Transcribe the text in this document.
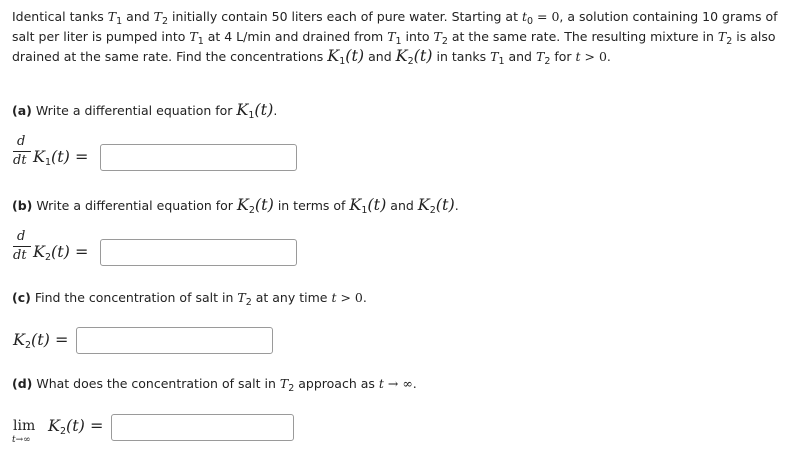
Identical tanks $T_1$ and $T_2$ initially contain 50 liters each of pure water. Starting at $t_0 = 0$, a solution containing 10 grams of salt per liter is pumped into $T_1$ at 4 L/min and drained from $T_1$ into $T_2$ at the same rate. The resulting mixture in $T_2$ is also drained at the same rate. Find the concentrations $K_1(t)$ and $K_2(t)$ in tanks $T_1$ and $T_2$ for t > 0.
(a) Write a differential equation for $K_1(t)$.
d
dt K1(t) =
(b) Write a differential equation for $K_2(t)$ in terms of $K_1(t)$ and $K_2(t)$.
d
dt K2(t) =
(c) Find the concentration of salt in $T_2$ at any time t > 0.
K2(t) =
(d) What does the concentration of salt in $T_2$ approach as t → ∞.
lim
t→∞
K2(t) =
